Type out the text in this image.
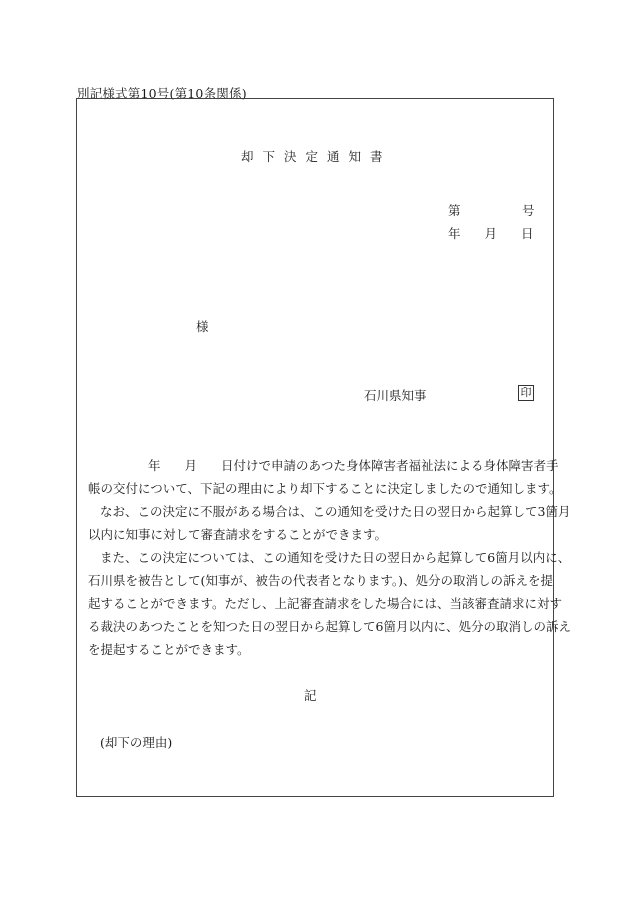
別記様式第10号(第10条関係)
却下決定通知書
第	号
年 月 日
様
石川県知事	印

年 月 日付けで申請のあつた身体障害者福祉法による身体障害者手

帳の交付について、下記の理由により却下することに決定しましたので通知します。

なお、この決定に不服がある場合は、この通知を受けた日の翌日から起算して3箇月

以内に知事に対して審査請求をすることができます。

また、この決定については、この通知を受けた日の翌日から起算して6箇月以内に、

石川県を被告として(知事が、被告の代表者となります。)、処分の取消しの訴えを提

起することができます。ただし、上記審査請求をした場合には、当該審査請求に対す

る裁決のあつたことを知つた日の翌日から起算して6箇月以内に、処分の取消しの訴え

を提起することができます。

記
(却下の理由)
